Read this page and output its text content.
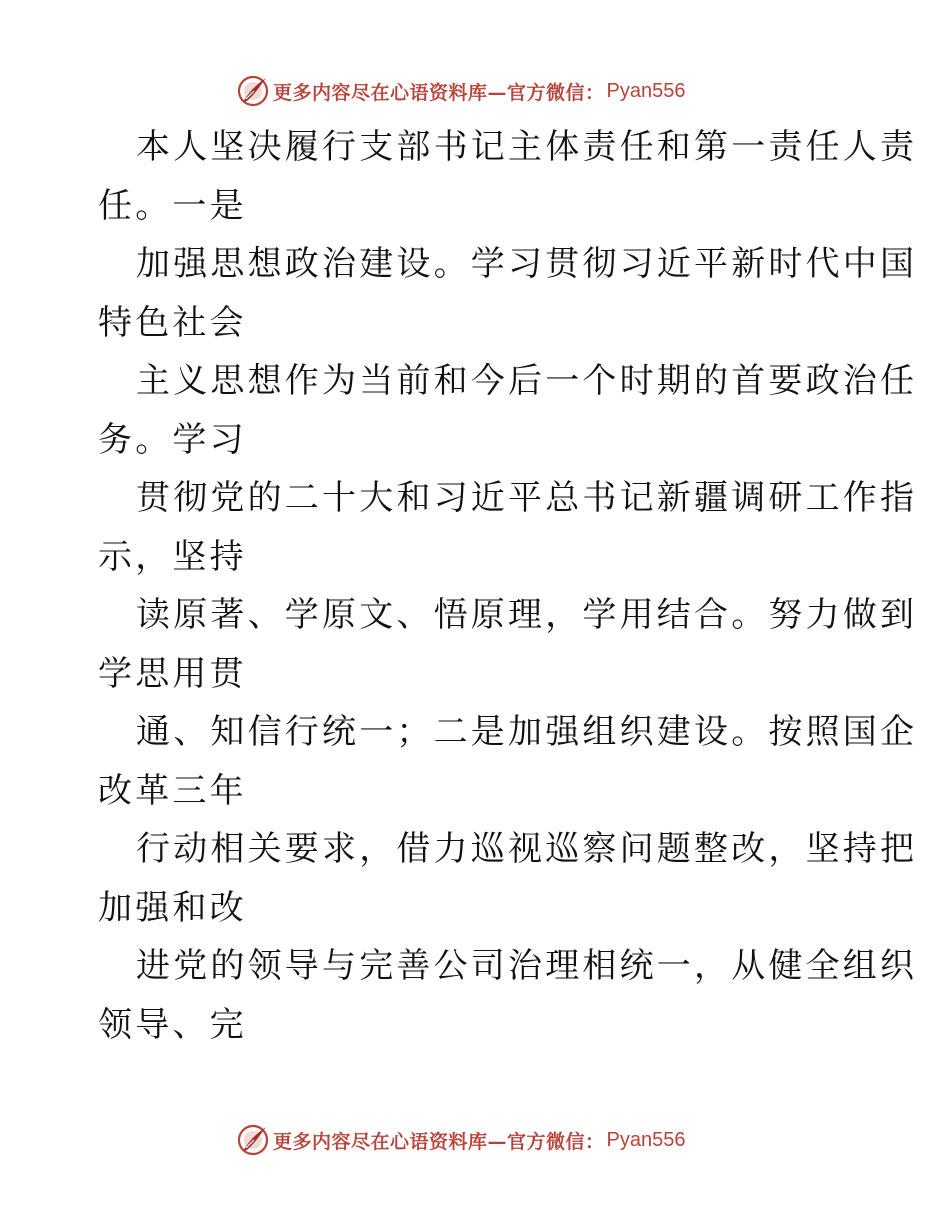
更多内容尽在心语资料库—官方微信： Pyan556
本人坚决履行支部书记主体责任和第一责任人责
任。一是
加强思想政治建设。学习贯彻习近平新时代中国
特色社会
主义思想作为当前和今后一个时期的首要政治任
务。学习
贯彻党的二十大和习近平总书记新疆调研工作指
示，坚持
读原著、学原文、悟原理，学用结合。努力做到
学思用贯
通、知信行统一；二是加强组织建设。按照国企
改革三年
行动相关要求，借力巡视巡察问题整改，坚持把
加强和改
进党的领导与完善公司治理相统一，从健全组织
领导、完
更多内容尽在心语资料库—官方微信： Pyan556
